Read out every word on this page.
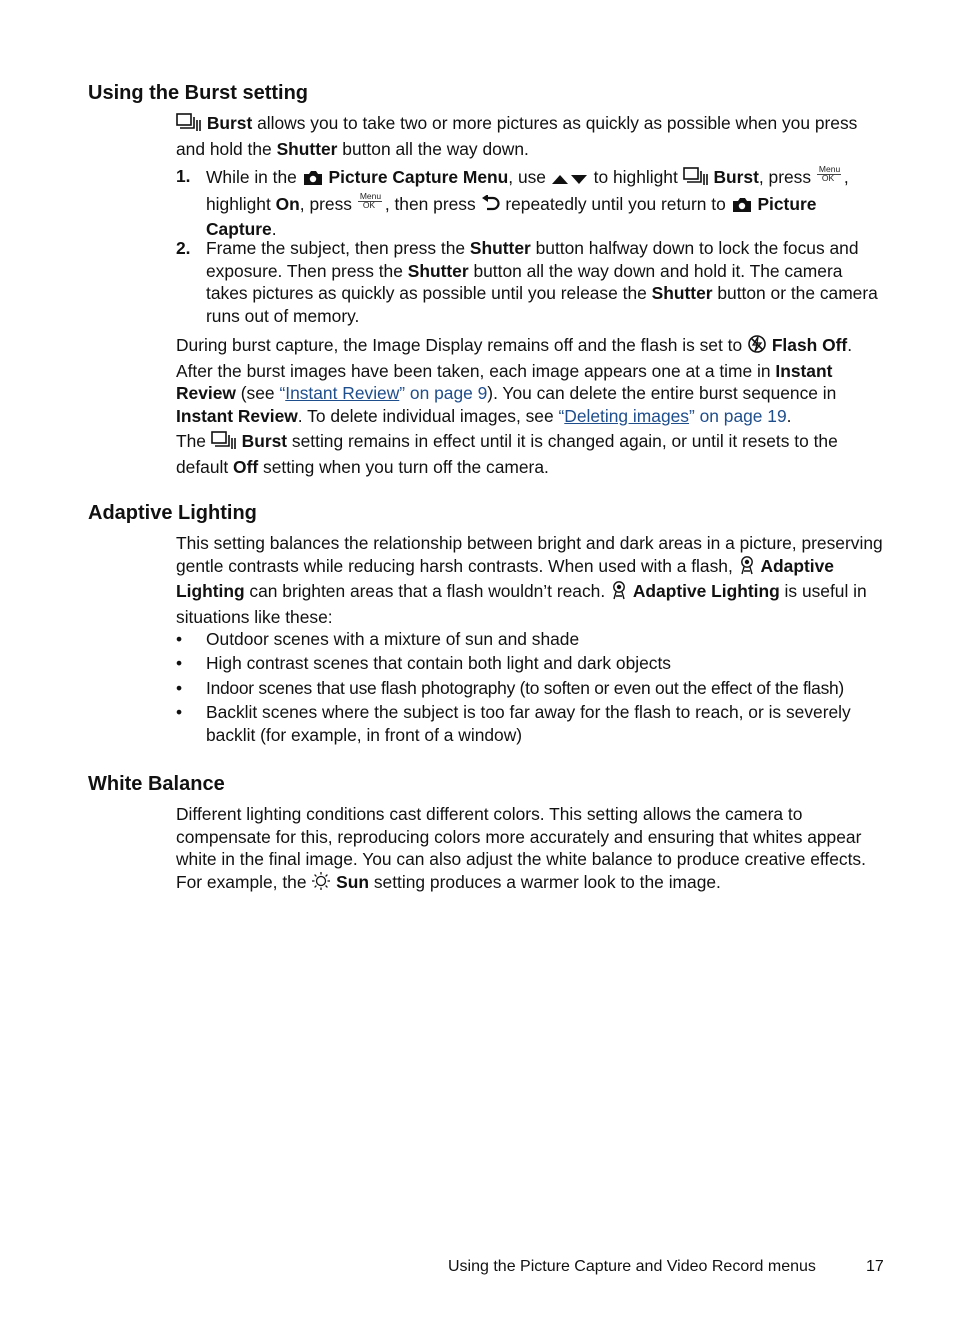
Using the Burst setting

Burst allows you to take two or more pictures as quickly as possible when you press and hold the Shutter button all the way down.

1. While in the  Picture Capture Menu, use  to highlight  Burst, press Menu
OK ,
highlight On, press Menu
OK , then press  repeatedly until you return to  Picture Capture.
2. Frame the subject, then press the Shutter button halfway down to lock the focus and exposure. Then press the Shutter button all the way down and hold it. The camera takes pictures as quickly as possible until you release the Shutter button or the camera runs out of memory.

During burst capture, the Image Display remains off and the flash is set to  Flash Off. After the burst images have been taken, each image appears one at a time in Instant Review (see “Instant Review” on page 9). You can delete the entire burst sequence in Instant Review. To delete individual images, see “Deleting images” on page 19.

The  Burst setting remains in effect until it is changed again, or until it resets to the default Off setting when you turn off the camera.

Adaptive Lighting

This setting balances the relationship between bright and dark areas in a picture, preserving gentle contrasts while reducing harsh contrasts. When used with a flash,  Adaptive Lighting can brighten areas that a flash wouldn’t reach.  Adaptive Lighting is useful in situations like these:

• Outdoor scenes with a mixture of sun and shade
• High contrast scenes that contain both light and dark objects
• Indoor scenes that use flash photography (to soften or even out the effect of the flash)
• Backlit scenes where the subject is too far away for the flash to reach, or is severely backlit (for example, in front of a window)
White Balance

Different lighting conditions cast different colors. This setting allows the camera to compensate for this, reproducing colors more accurately and ensuring that whites appear white in the final image. You can also adjust the white balance to produce creative effects. For example, the  Sun setting produces a warmer look to the image.

Using the Picture Capture and Video Record menus	17
